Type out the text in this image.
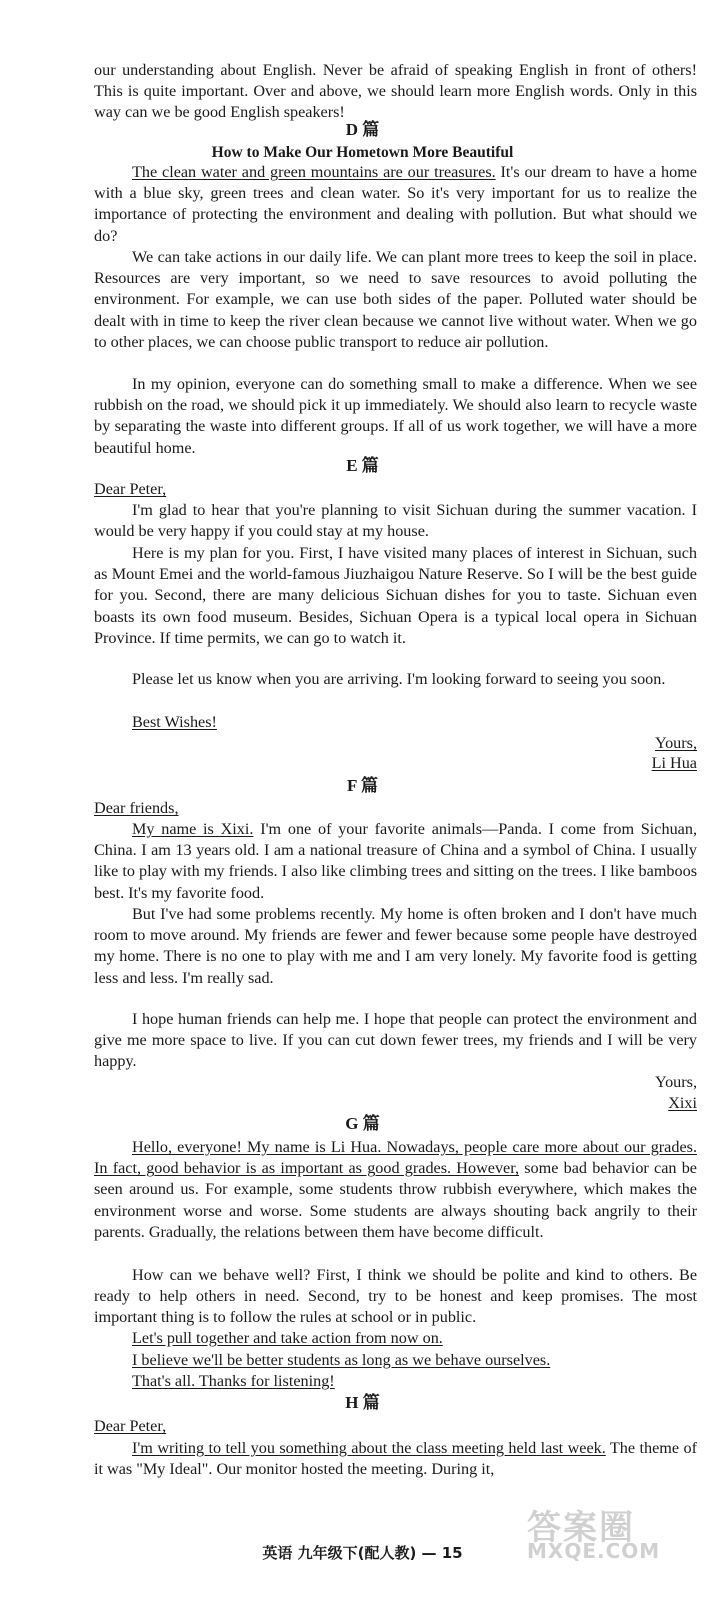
our understanding about English. Never be afraid of speaking English in front of others! This is quite important. Over and above, we should learn more English words. Only in this way can we be good English speakers!

D 篇
How to Make Our Hometown More Beautiful

The clean water and green mountains are our treasures. It's our dream to have a home with a blue sky, green trees and clean water. So it's very important for us to realize the importance of protecting the environment and dealing with pollution. But what should we do?

We can take actions in our daily life. We can plant more trees to keep the soil in place. Resources are very important, so we need to save resources to avoid polluting the environment. For example, we can use both sides of the paper. Polluted water should be dealt with in time to keep the river clean because we cannot live without water. When we go to other places, we can choose public transport to reduce air pollution.

In my opinion, everyone can do something small to make a difference. When we see rubbish on the road, we should pick it up immediately. We should also learn to recycle waste by separating the waste into different groups. If all of us work together, we will have a more beautiful home.

E 篇

Dear Peter,

I'm glad to hear that you're planning to visit Sichuan during the summer vacation. I would be very happy if you could stay at my house.

Here is my plan for you. First, I have visited many places of interest in Sichuan, such as Mount Emei and the world-famous Jiuzhaigou Nature Reserve. So I will be the best guide for you. Second, there are many delicious Sichuan dishes for you to taste. Sichuan even boasts its own food museum. Besides, Sichuan Opera is a typical local opera in Sichuan Province. If time permits, we can go to watch it.

Please let us know when you are arriving. I'm looking forward to seeing you soon.

Best Wishes!

Yours,

Li Hua

F 篇

Dear friends,

My name is Xixi. I'm one of your favorite animals—Panda. I come from Sichuan, China. I am 13 years old. I am a national treasure of China and a symbol of China. I usually like to play with my friends. I also like climbing trees and sitting on the trees. I like bamboos best. It's my favorite food.

But I've had some problems recently. My home is often broken and I don't have much room to move around. My friends are fewer and fewer because some people have destroyed my home. There is no one to play with me and I am very lonely. My favorite food is getting less and less. I'm really sad.

I hope human friends can help me. I hope that people can protect the environment and give me more space to live. If you can cut down fewer trees, my friends and I will be very happy.

Yours,

Xixi

G 篇

Hello, everyone! My name is Li Hua. Nowadays, people care more about our grades. In fact, good behavior is as important as good grades. However, some bad behavior can be seen around us. For example, some students throw rubbish everywhere, which makes the environment worse and worse. Some students are always shouting back angrily to their parents. Gradually, the relations between them have become difficult.

How can we behave well? First, I think we should be polite and kind to others. Be ready to help others in need. Second, try to be honest and keep promises. The most important thing is to follow the rules at school or in public.

Let's pull together and take action from now on.

I believe we'll be better students as long as we behave ourselves.

That's all. Thanks for listening!

H 篇

Dear Peter,

I'm writing to tell you something about the class meeting held last week. The theme of it was "My Ideal". Our monitor hosted the meeting. During it,

英语 九年级下(配人教) — 15
答案圈
MXQE.COM
